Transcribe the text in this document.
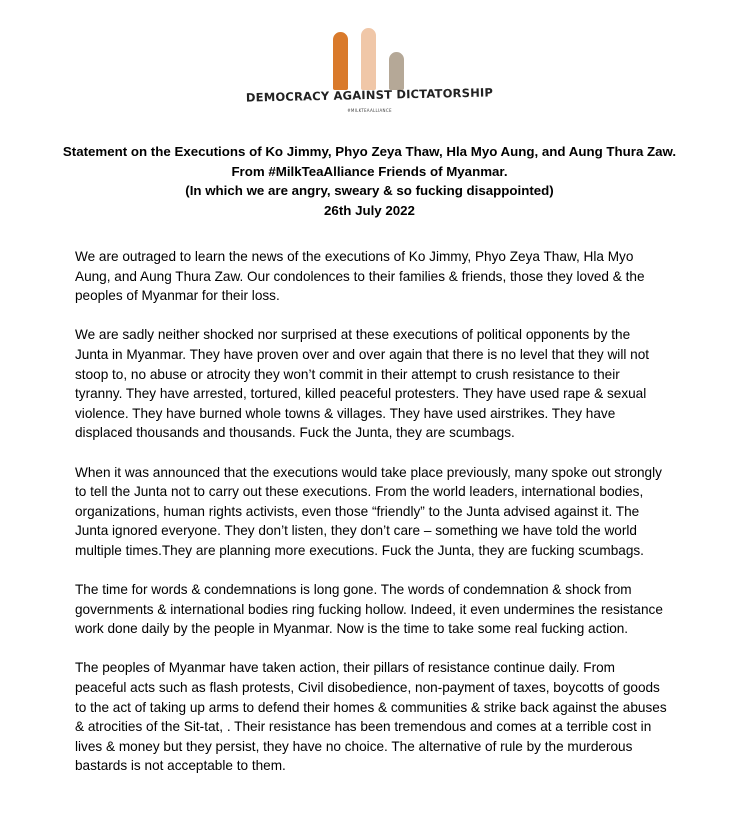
DEMOCRACY AGAINST DICTATORSHIP
#MILKTEAALLIANCE
Statement on the Executions of Ko Jimmy, Phyo Zeya Thaw, Hla Myo Aung, and Aung Thura Zaw.
From #MilkTeaAlliance Friends of Myanmar.
(In which we are angry, sweary & so fucking disappointed)
26th July 2022

We are outraged to learn the news of the executions of Ko Jimmy, Phyo Zeya Thaw, Hla Myo Aung, and Aung Thura Zaw. Our condolences to their families & friends, those they loved & the peoples of Myanmar for their loss.

We are sadly neither shocked nor surprised at these executions of political opponents by the Junta in Myanmar. They have proven over and over again that there is no level that they will not stoop to, no abuse or atrocity they won’t commit in their attempt to crush resistance to their tyranny. They have arrested, tortured, killed peaceful protesters. They have used rape & sexual violence. They have burned whole towns & villages. They have used airstrikes. They have displaced thousands and thousands. Fuck the Junta, they are scumbags.

When it was announced that the executions would take place previously, many spoke out strongly to tell the Junta not to carry out these executions. From the world leaders, international bodies, organizations, human rights activists, even those “friendly” to the Junta advised against it. The Junta ignored everyone. They don’t listen, they don’t care – something we have told the world multiple times.They are planning more executions. Fuck the Junta, they are fucking scumbags.

The time for words & condemnations is long gone. The words of condemnation & shock from governments & international bodies ring fucking hollow. Indeed, it even undermines the resistance work done daily by the people in Myanmar. Now is the time to take some real fucking action.

The peoples of Myanmar have taken action, their pillars of resistance continue daily. From peaceful acts such as flash protests, Civil disobedience, non-payment of taxes, boycotts of goods to the act of taking up arms to defend their homes & communities & strike back against the abuses & atrocities of the Sit-tat, . Their resistance has been tremendous and comes at a terrible cost in lives & money but they persist, they have no choice. The alternative of rule by the murderous bastards is not acceptable to them.
